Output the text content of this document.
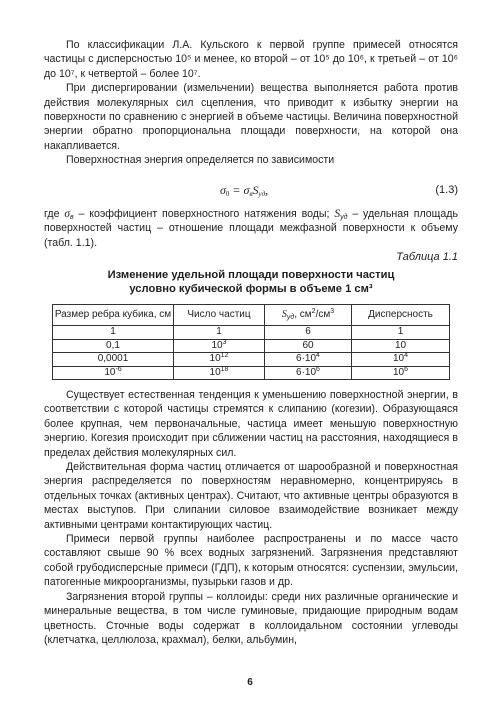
По классификации Л.А. Кульского к первой группе примесей относятся частицы с дисперсностью 10⁵ и менее, ко второй – от 10⁵ до 10⁶, к третьей – от 10⁶ до 10⁷, к четвертой – более 10⁷.

При диспергировании (измельчении) вещества выполняется работа против действия молекулярных сил сцепления, что приводит к избытку энергии на поверхности по сравнению с энергией в объеме частицы. Величина поверхностной энергии обратно пропорциональна площади поверхности, на которой она накапливается.

Поверхностная энергия определяется по зависимости

$\sigma_0 = \sigma_вS_{уд}$,	(1.3)

где $\sigma_в$ – коэффициент поверхностного натяжения воды; $S_{уд}$ – удельная площадь поверхностей частиц – отношение площади межфазной поверхности к объему (табл. 1.1).

Таблица 1.1
Изменение удельной площади поверхности частиц
условно кубической формы в объеме 1 см³
Размер ребра кубика, см	Число частиц	$S_{уд}$, $см^2/см^3$	Дисперсность
1	1	6	1
0,1	$10^3$	60	10
0,0001	$10^{12}$	$6\cdot 10^4$	$10^4$
$10^{-6}$	$10^{18}$	$6\cdot 10^6$	$10^6$

Существует естественная тенденция к уменьшению поверхностной энергии, в соответствии с которой частицы стремятся к слипанию (когезии). Образующаяся более крупная, чем первоначальные, частица имеет меньшую поверхностную энергию. Когезия происходит при сближении частиц на расстояния, находящиеся в пределах действия молекулярных сил.

Действительная форма частиц отличается от шарообразной и поверхностная энергия распределяется по поверхностям неравномерно, концентрируясь в отдельных точках (активных центрах). Считают, что активные центры образуются в местах выступов. При слипании силовое взаимодействие возникает между активными центрами контактирующих частиц.

Примеси первой группы наиболее распространены и по массе часто составляют свыше 90 % всех водных загрязнений. Загрязнения представляют собой грубодисперсные примеси (ГДП), к которым относятся: суспензии, эмульсии, патогенные микроорганизмы, пузырьки газов и др.

Загрязнения второй группы – коллоиды: среди них различные органические и минеральные вещества, в том числе гуминовые, придающие природным водам цветность. Сточные воды содержат в коллоидальном состоянии углеводы (клетчатка, целлюлоза, крахмал), белки, альбумин,

6
